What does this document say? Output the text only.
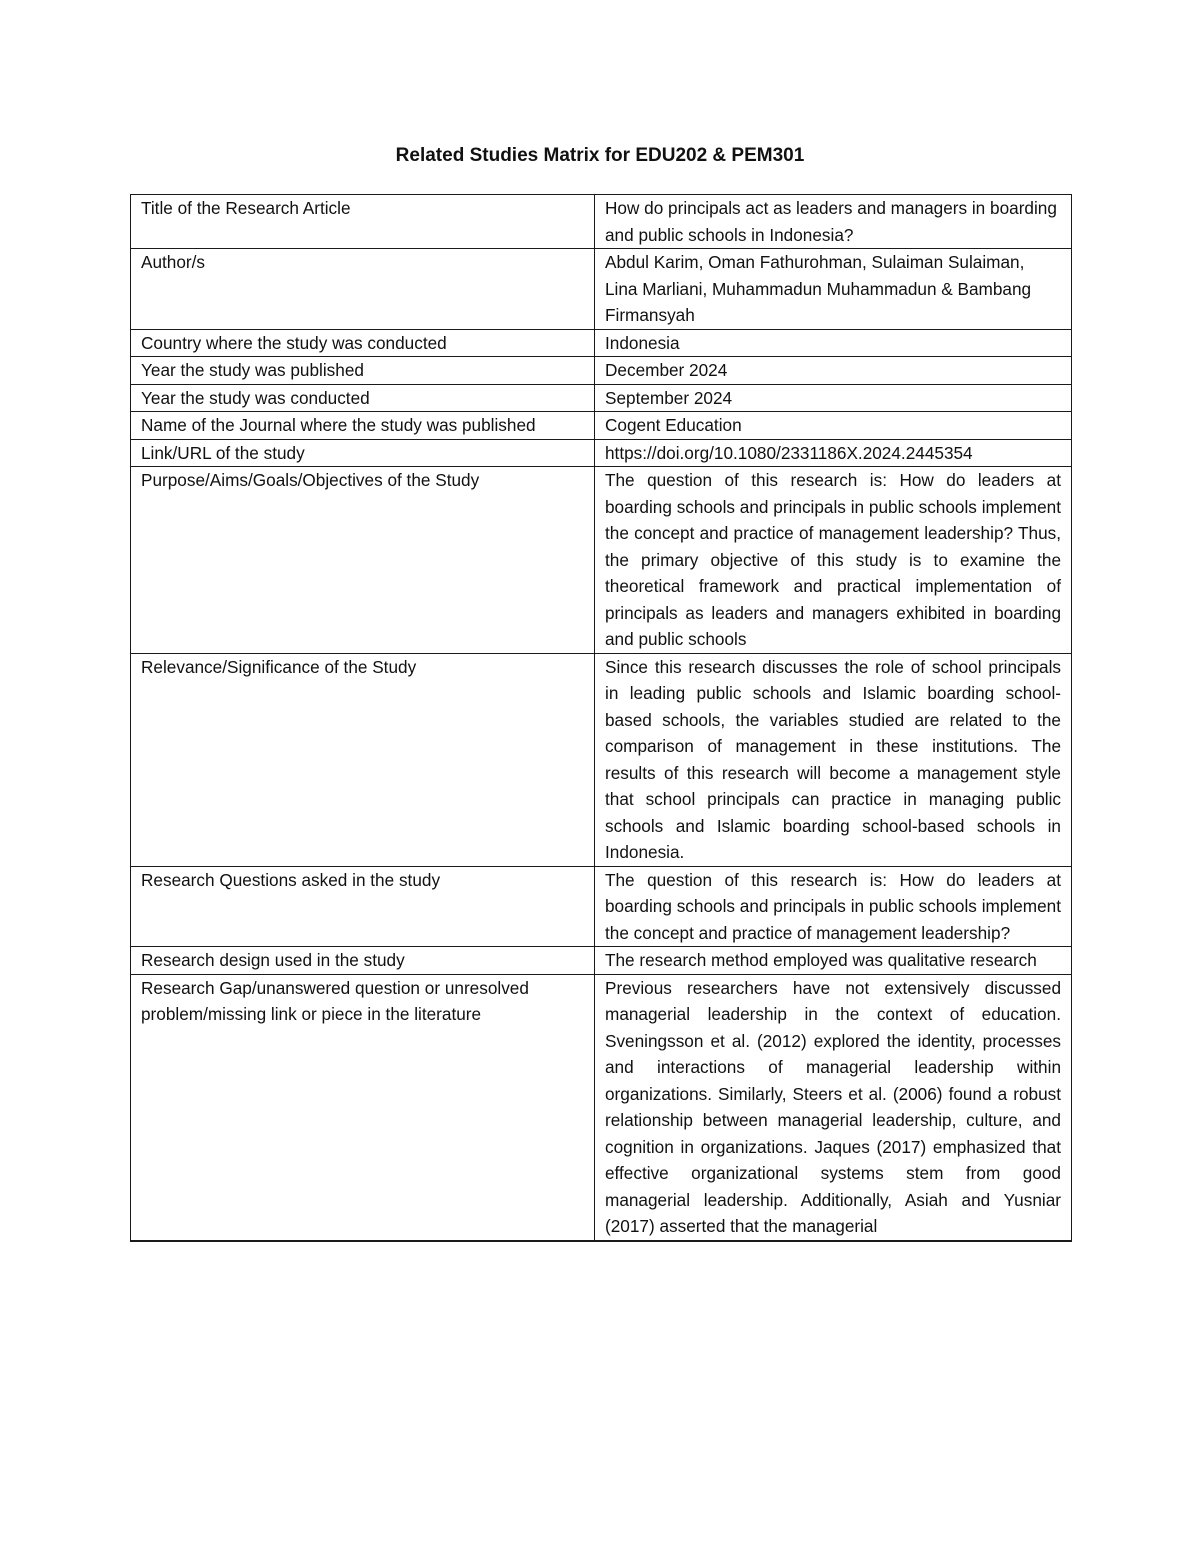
Related Studies Matrix for EDU202 & PEM301
Title of the Research Article	How do principals act as leaders and managers in boarding and public schools in Indonesia?
Author/s	Abdul Karim, Oman Fathurohman, Sulaiman Sulaiman, Lina Marliani, Muhammadun Muhammadun & Bambang Firmansyah
Country where the study was conducted	Indonesia
Year the study was published	December 2024
Year the study was conducted	September 2024
Name of the Journal where the study was published	Cogent Education
Link/URL of the study	https://doi.org/10.1080/2331186X.2024.2445354
Purpose/Aims/Goals/Objectives of the Study	The question of this research is: How do leaders at boarding schools and principals in public schools implement the concept and practice of management leadership? Thus, the primary objective of this study is to examine the theoretical framework and practical implementation of principals as leaders and managers exhibited in boarding and public schools
Relevance/Significance of the Study	Since this research discusses the role of school principals in leading public schools and Islamic boarding school-based schools, the variables studied are related to the comparison of management in these institutions. The results of this research will become a management style that school principals can practice in managing public schools and Islamic boarding school-based schools in Indonesia.
Research Questions asked in the study	The question of this research is: How do leaders at boarding schools and principals in public schools implement the concept and practice of management leadership?
Research design used in the study	The research method employed was qualitative research
Research Gap/unanswered question or unresolved problem/missing link or piece in the literature	Previous researchers have not extensively discussed managerial leadership in the context of education. Sveningsson et al. (2012) explored the identity, processes and interactions of managerial leadership within organizations. Similarly, Steers et al. (2006) found a robust relationship between managerial leadership, culture, and cognition in organizations. Jaques (2017) emphasized that effective organizational systems stem from good managerial leadership. Additionally, Asiah and Yusniar (2017) asserted that the managerial
